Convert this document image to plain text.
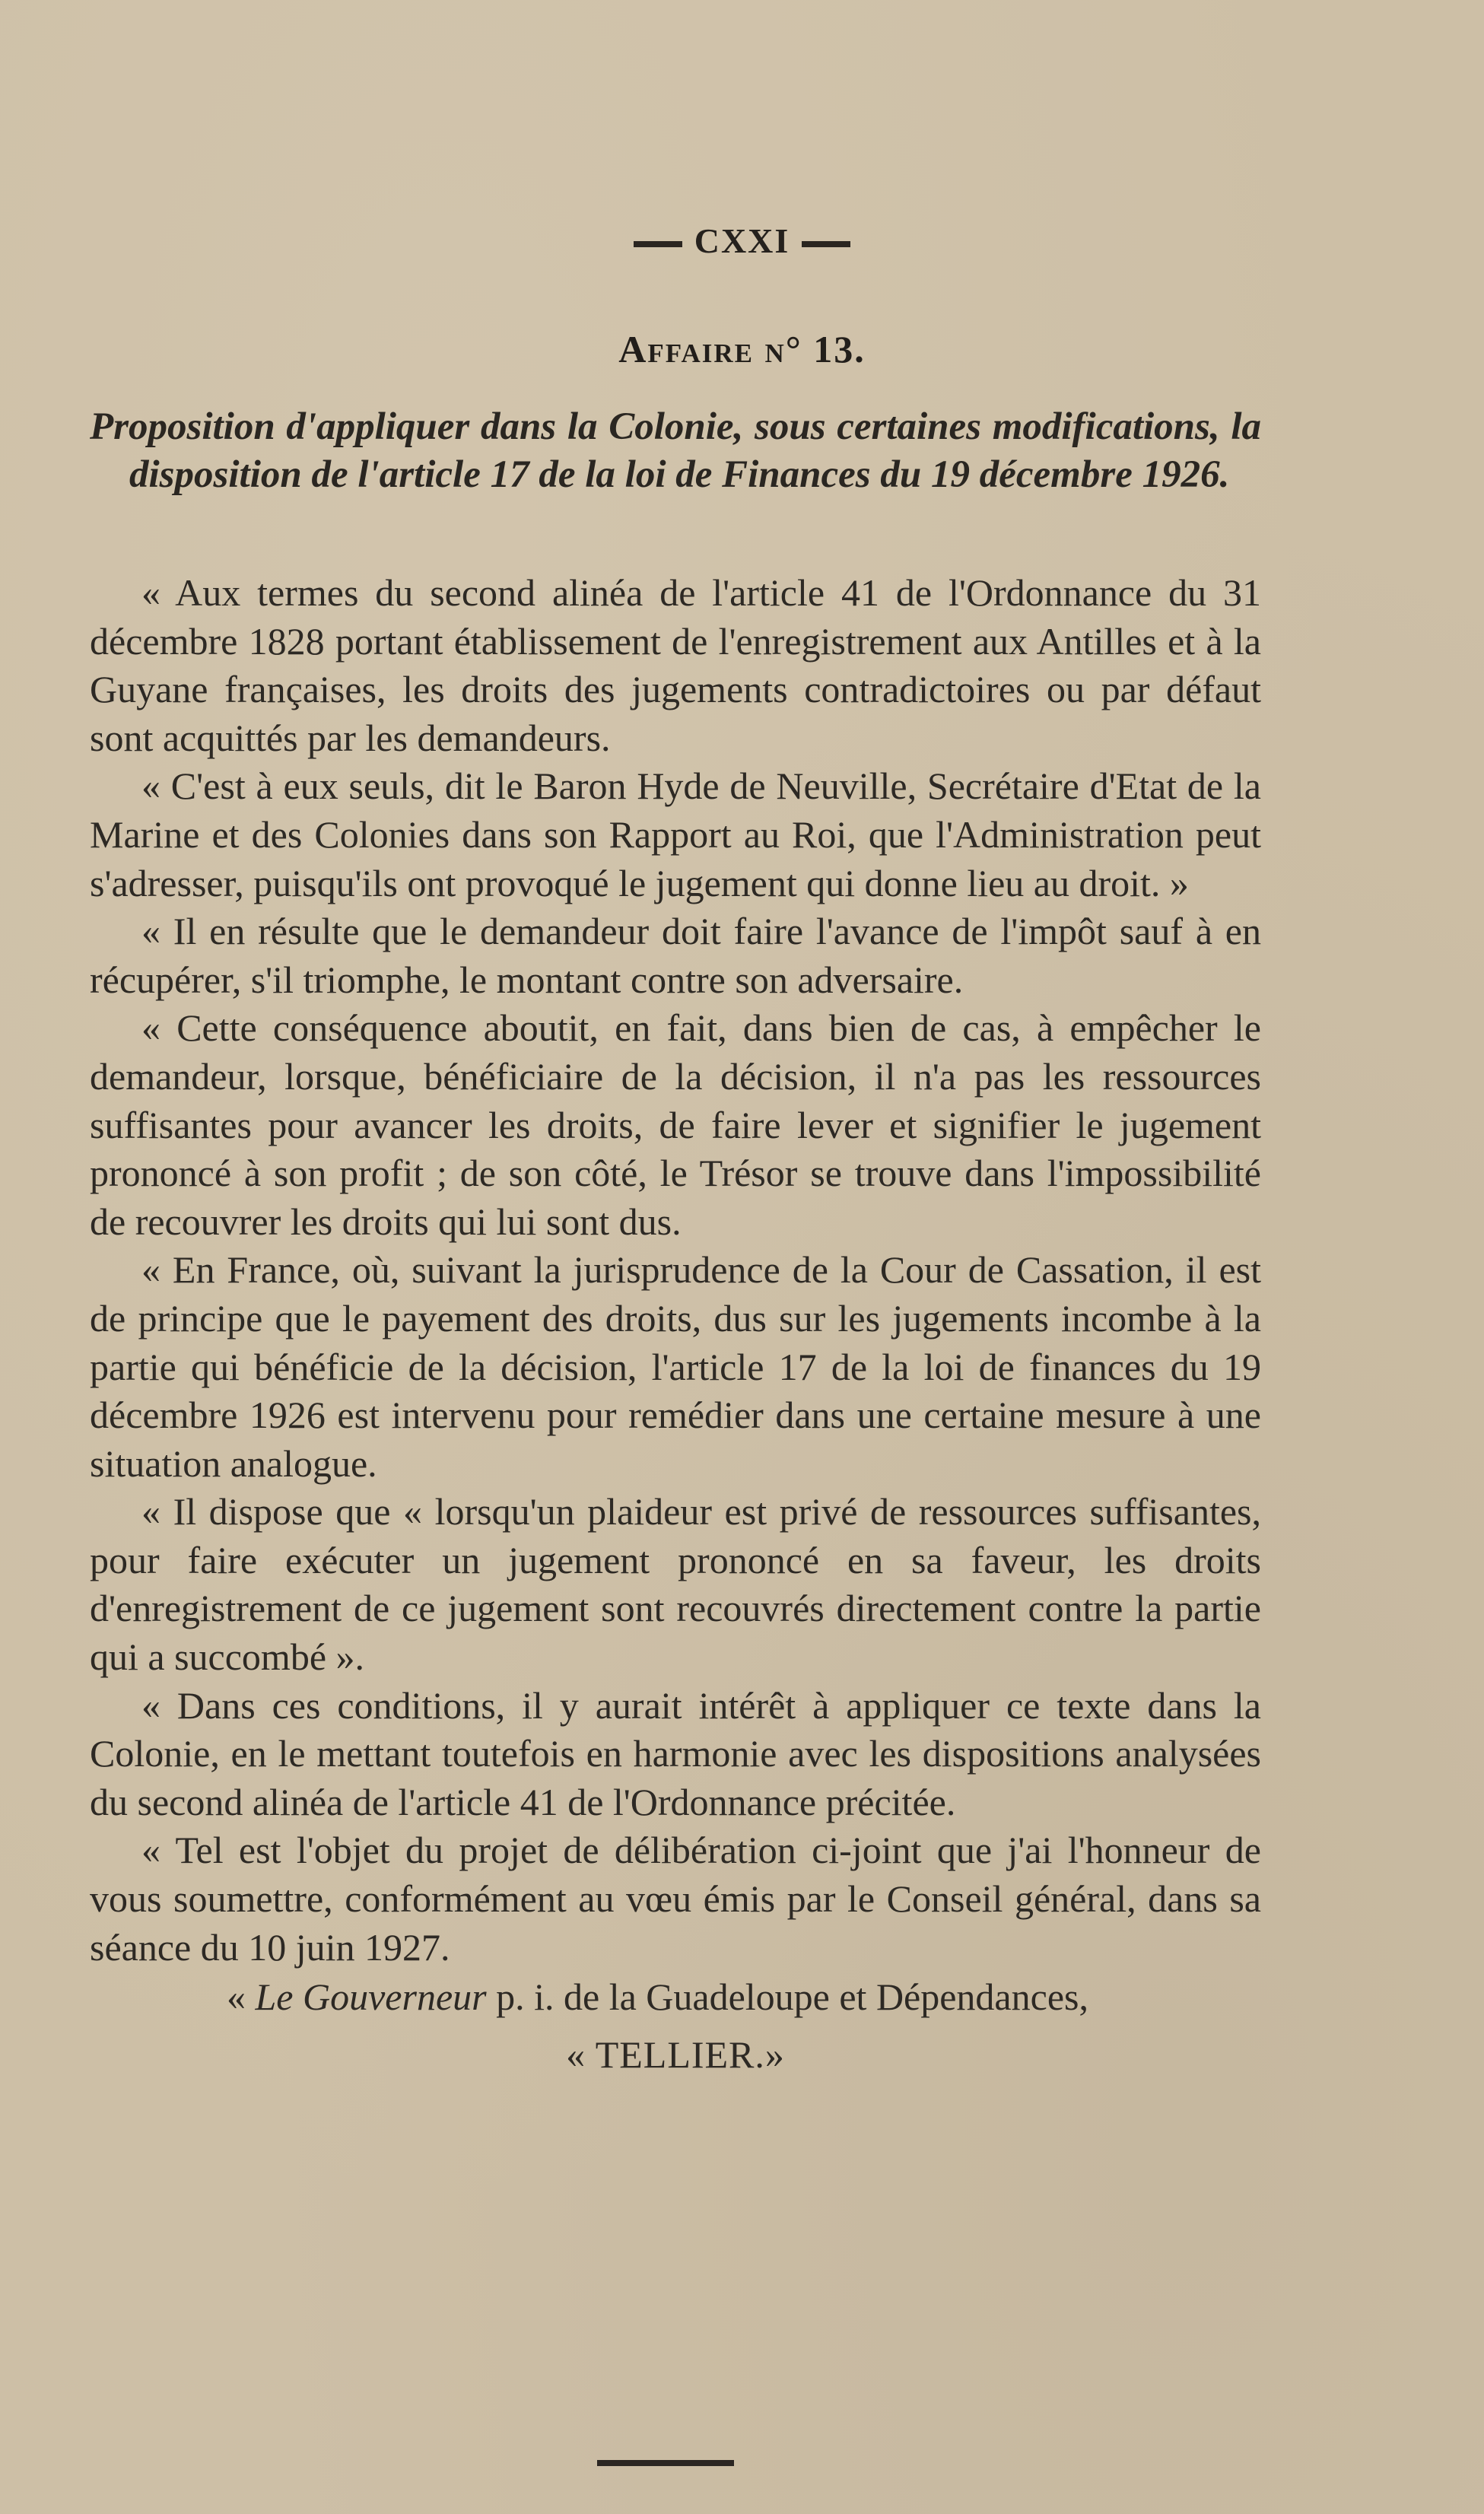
CXXI
Affaire n° 13.

Proposition d'appliquer dans la Colonie, sous certaines modifications, la disposition de l'article 17 de la loi de Finances du 19 décembre 1926.

« Aux termes du second alinéa de l'article 41 de l'Ordonnance du 31 décembre 1828 portant établissement de l'enregistrement aux Antilles et à la Guyane françaises, les droits des jugements contradictoires ou par défaut sont acquittés par les demandeurs.

« C'est à eux seuls, dit le Baron Hyde de Neuville, Secrétaire d'Etat de la Marine et des Colonies dans son Rapport au Roi, que l'Administration peut s'adresser, puisqu'ils ont provoqué le jugement qui donne lieu au droit. »

« Il en résulte que le demandeur doit faire l'avance de l'impôt sauf à en récupérer, s'il triomphe, le montant contre son adversaire.

« Cette conséquence aboutit, en fait, dans bien de cas, à empêcher le demandeur, lorsque, bénéficiaire de la décision, il n'a pas les ressources suffisantes pour avancer les droits, de faire lever et signifier le jugement prononcé à son profit ; de son côté, le Trésor se trouve dans l'impossibilité de recouvrer les droits qui lui sont dus.

« En France, où, suivant la jurisprudence de la Cour de Cassation, il est de principe que le payement des droits, dus sur les jugements incombe à la partie qui bénéficie de la décision, l'article 17 de la loi de finances du 19 décembre 1926 est intervenu pour remédier dans une certaine mesure à une situation analogue.

« Il dispose que « lorsqu'un plaideur est privé de ressources suffisantes, pour faire exécuter un jugement prononcé en sa faveur, les droits d'enregistrement de ce jugement sont recouvrés directement contre la partie qui a succombé ».

« Dans ces conditions, il y aurait intérêt à appliquer ce texte dans la Colonie, en le mettant toutefois en harmonie avec les dispositions analysées du second alinéa de l'article 41 de l'Ordonnance précitée.

« Tel est l'objet du projet de délibération ci-joint que j'ai l'honneur de vous soumettre, conformément au vœu émis par le Conseil général, dans sa séance du 10 juin 1927.

« Le Gouverneur p. i. de la Guadeloupe et Dépendances,

« TELLIER.»
